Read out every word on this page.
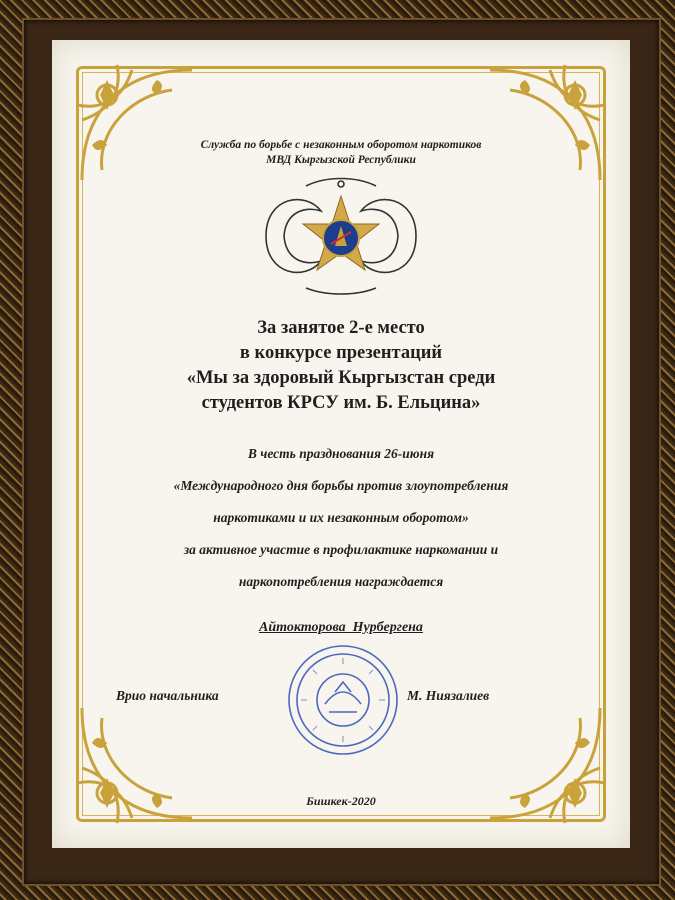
Служба по борьбе с незаконным оборотом наркотиков
МВД Кыргызской Республики
За занятое 2-е место
в конкурсе презентаций
«Мы за здоровый Кыргызстан среди
студентов КРСУ им. Б. Ельцина»
В честь празднования 26-июня
«Международного дня борьбы против злоупотребления
наркотиками и их незаконным оборотом»
за активное участие в профилактике наркомании и
наркопотребления награждается
Айтокторова  Нурбергена
Врио начальника	М. Ниязалиев
Бишкек-2020
